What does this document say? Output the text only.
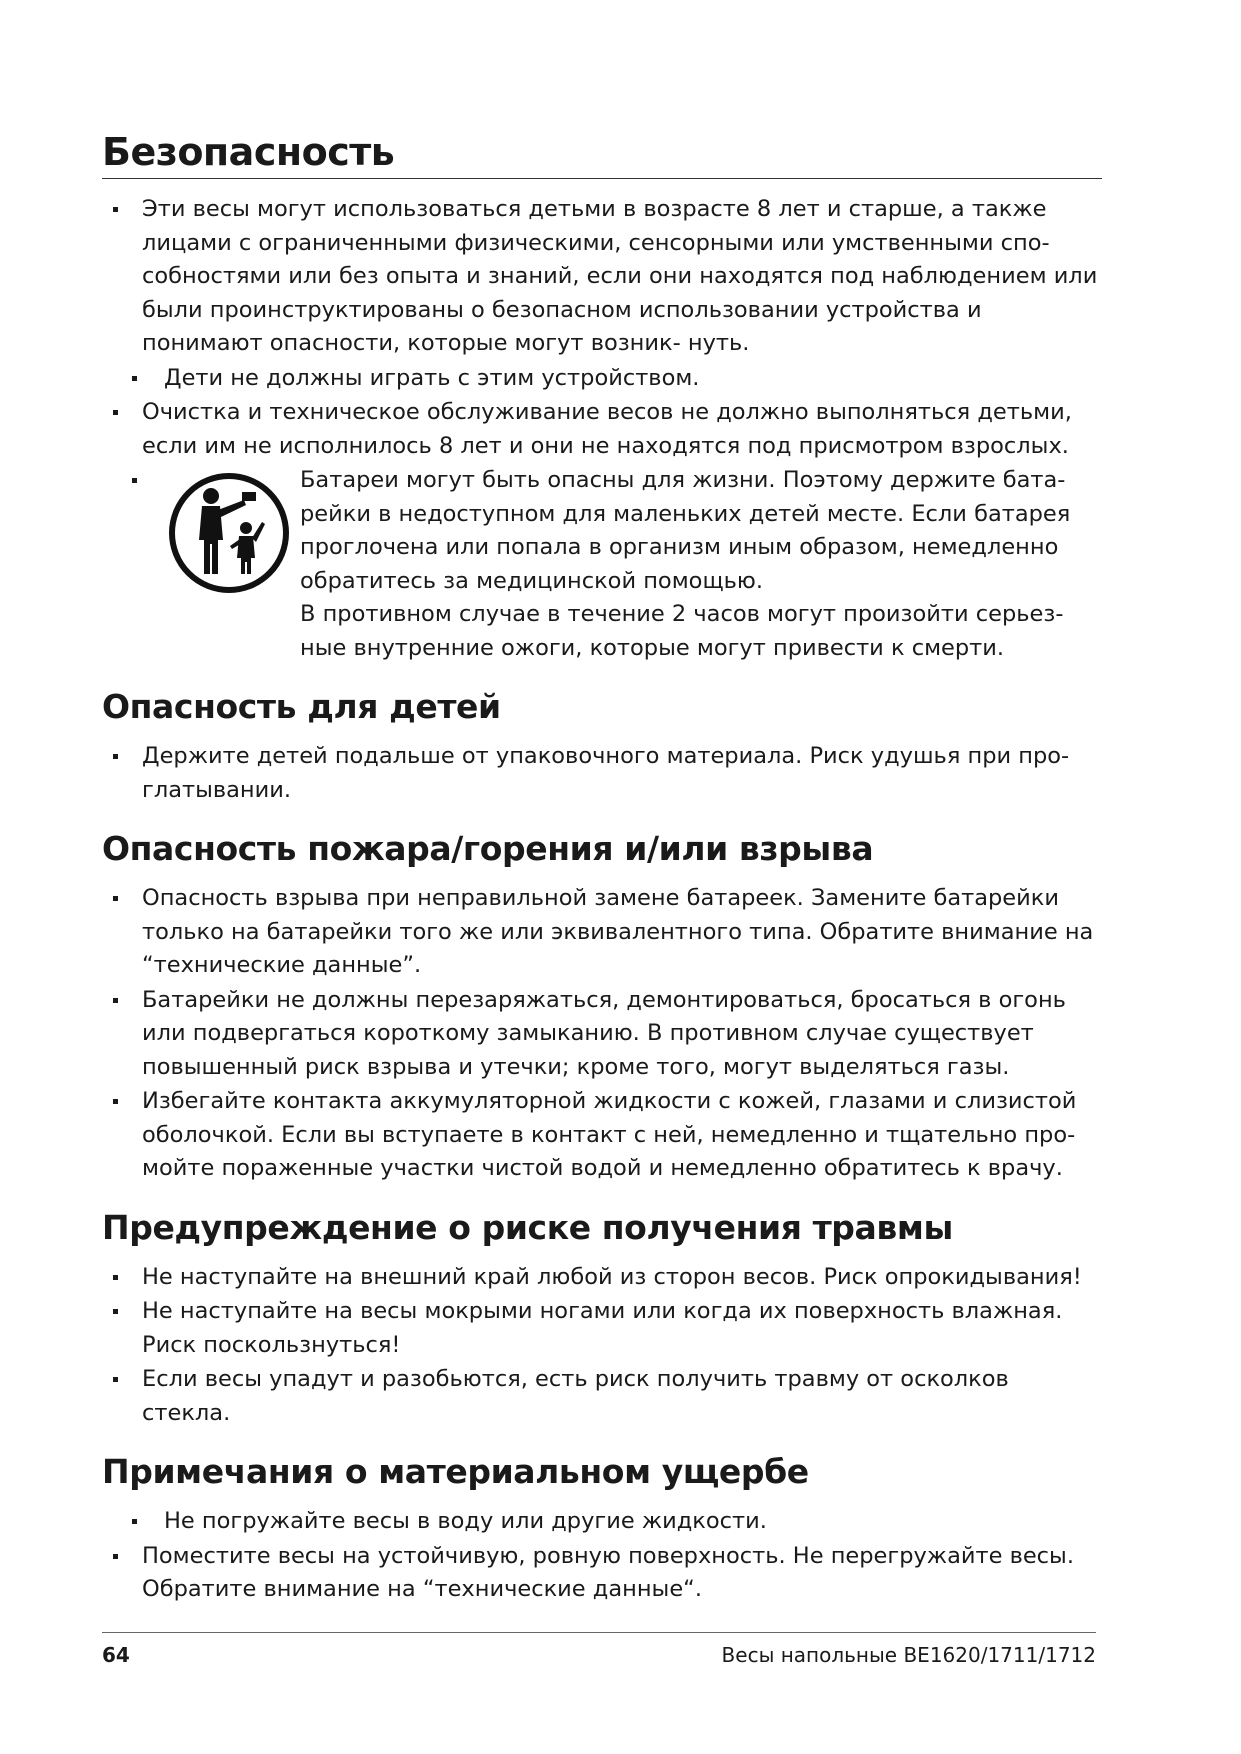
Безопасность
Эти весы могут использоваться детьми в возрасте 8 лет и старше, а также лицами с ограниченными физическими, сенсорными или умственными спо-собностями или без опыта и знаний, если они находятся под наблюдением или были проинструктированы о безопасном использовании устройства и понимают опасности, которые могут возник- нуть.
Дети не должны играть с этим устройством.
Очистка и техническое обслуживание весов не должно выполняться детьми, если им не исполнилось 8 лет и они не находятся под присмотром взрослых.
Батареи могут быть опасны для жизни. Поэтому держите бата-рейки в недоступном для маленьких детей месте. Если батарея проглочена или попала в организм иным образом, немедленно обратитесь за медицинской помощью.
В противном случае в течение 2 часов могут произойти серьез-ные внутренние ожоги, которые могут привести к смерти.
Опасность для детей
Держите детей подальше от упаковочного материала. Риск удушья при про-глатывании.
Опасность пожара/горения и/или взрыва
Опасность взрыва при неправильной замене батареек. Замените батарейки только на батарейки того же или эквивалентного типа. Обратите внимание на “технические данные”.
Батарейки не должны перезаряжаться, демонтироваться, бросаться в огонь или подвергаться короткому замыканию. В противном случае существует повышенный риск взрыва и утечки; кроме того, могут выделяться газы.
Избегайте контакта аккумуляторной жидкости с кожей, глазами и слизистой оболочкой. Если вы вступаете в контакт с ней, немедленно и тщательно про-мойте пораженные участки чистой водой и немедленно обратитесь к врачу.
Предупреждение о риске получения травмы
Не наступайте на внешний край любой из сторон весов. Риск опрокидывания!
Не наступайте на весы мокрыми ногами или когда их поверхность влажная. Риск поскользнуться!
Если весы упадут и разобьются, есть риск получить травму от осколков стекла.
Примечания о материальном ущербе
Не погружайте весы в воду или другие жидкости.
Поместите весы на устойчивую, ровную поверхность. Не перегружайте весы. Обратите внимание на “технические данные“.
64	Весы напольные BE1620/1711/1712
